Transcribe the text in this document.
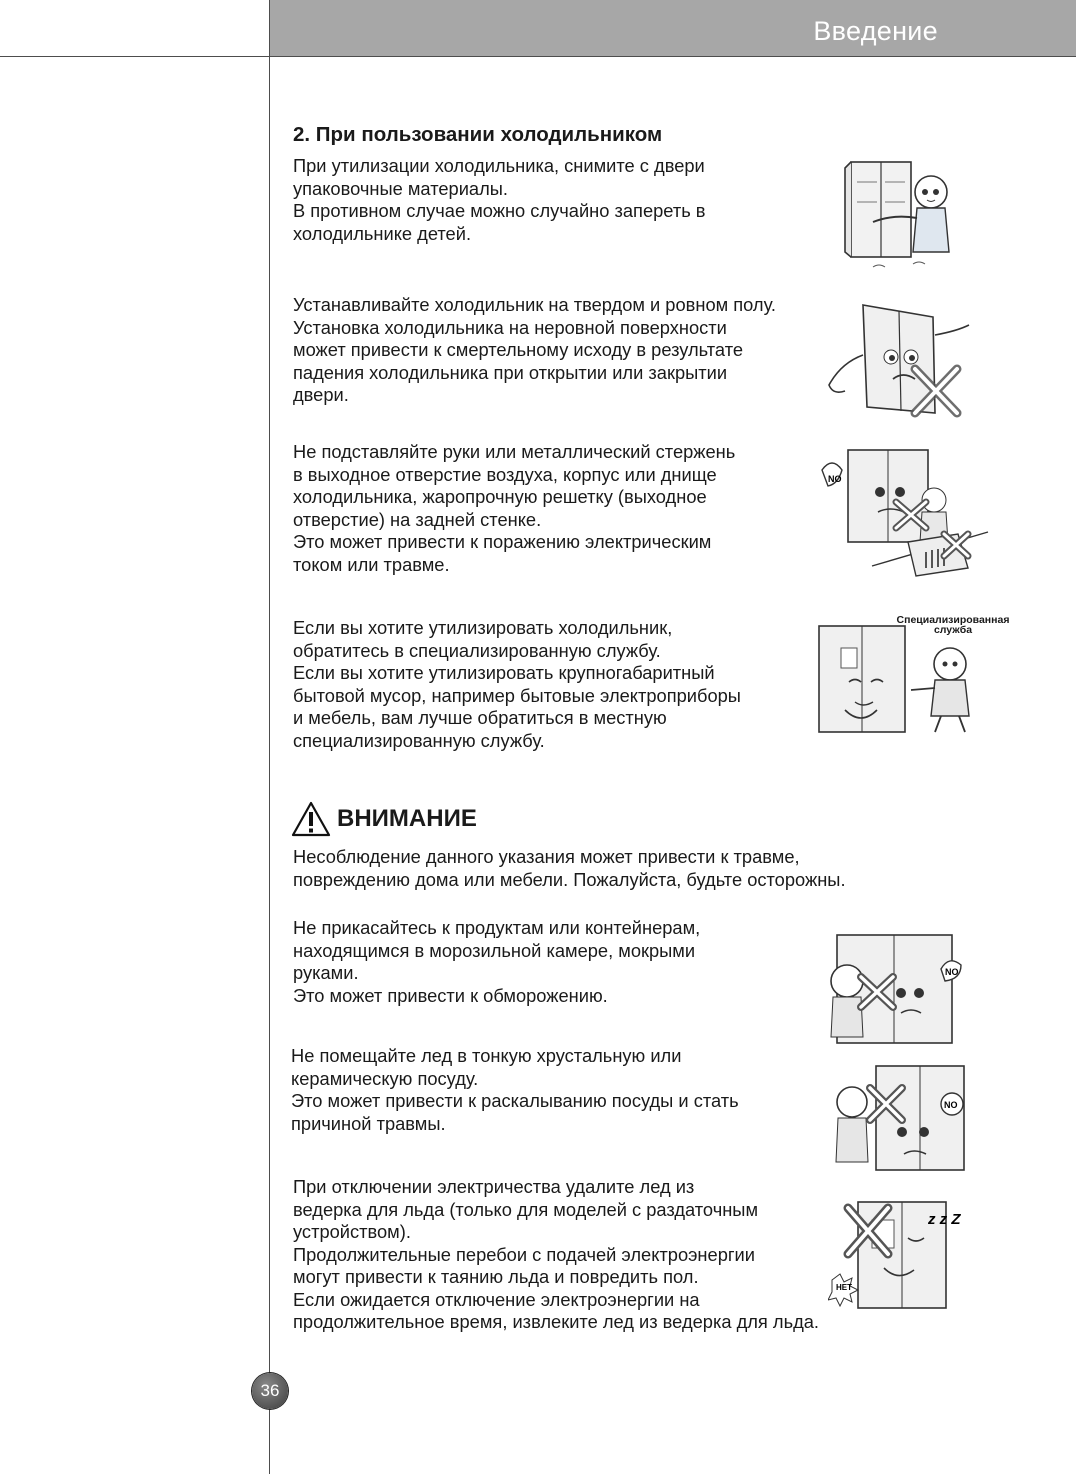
Введение
2. При пользовании холодильником

При утилизации холодильника, снимите с двери
упаковочные материалы.
В противном случае можно случайно запереть в
холодильнике детей.

Устанавливайте холодильник на твердом и ровном полу.
Установка холодильника на неровной поверхности
может привести к смертельному исходу в результате
падения холодильника при открытии или закрытии
двери.

Не подставляйте руки или металлический стержень
в выходное отверстие воздуха, корпус или днище
холодильника, жаропрочную решетку (выходное
отверстие) на задней стенке.
Это может привести к поражению электрическим
током или травме.

Если вы хотите утилизировать холодильник,
обратитесь в специализированную службу.
Если вы хотите утилизировать крупногабаритный
бытовой мусор, например бытовые электроприборы
и мебель, вам лучше обратиться в местную
специализированную службу.

ВНИМАНИЕ

Несоблюдение данного указания может привести к травме,
повреждению дома или мебели. Пожалуйста, будьте осторожны.

Не прикасайтесь к продуктам или контейнерам,
находящимся в морозильной камере, мокрыми
руками.
Это может привести к обморожению.

Не помещайте лед в тонкую хрустальную или
керамическую посуду.
Это может привести к раскалыванию посуды и стать
причиной травмы.

При отключении электричества удалите лед из
ведерка для льда (только для моделей с раздаточным
устройством).
Продолжительные перебои с подачей электроэнергии
могут привести к таянию льда и повредить пол.
Если ожидается отключение электроэнергии на
продолжительное время, извлеките лед из ведерка для льда.

NO
Специализированная
служба
NO
NO
НЕТ
z z Z
36
